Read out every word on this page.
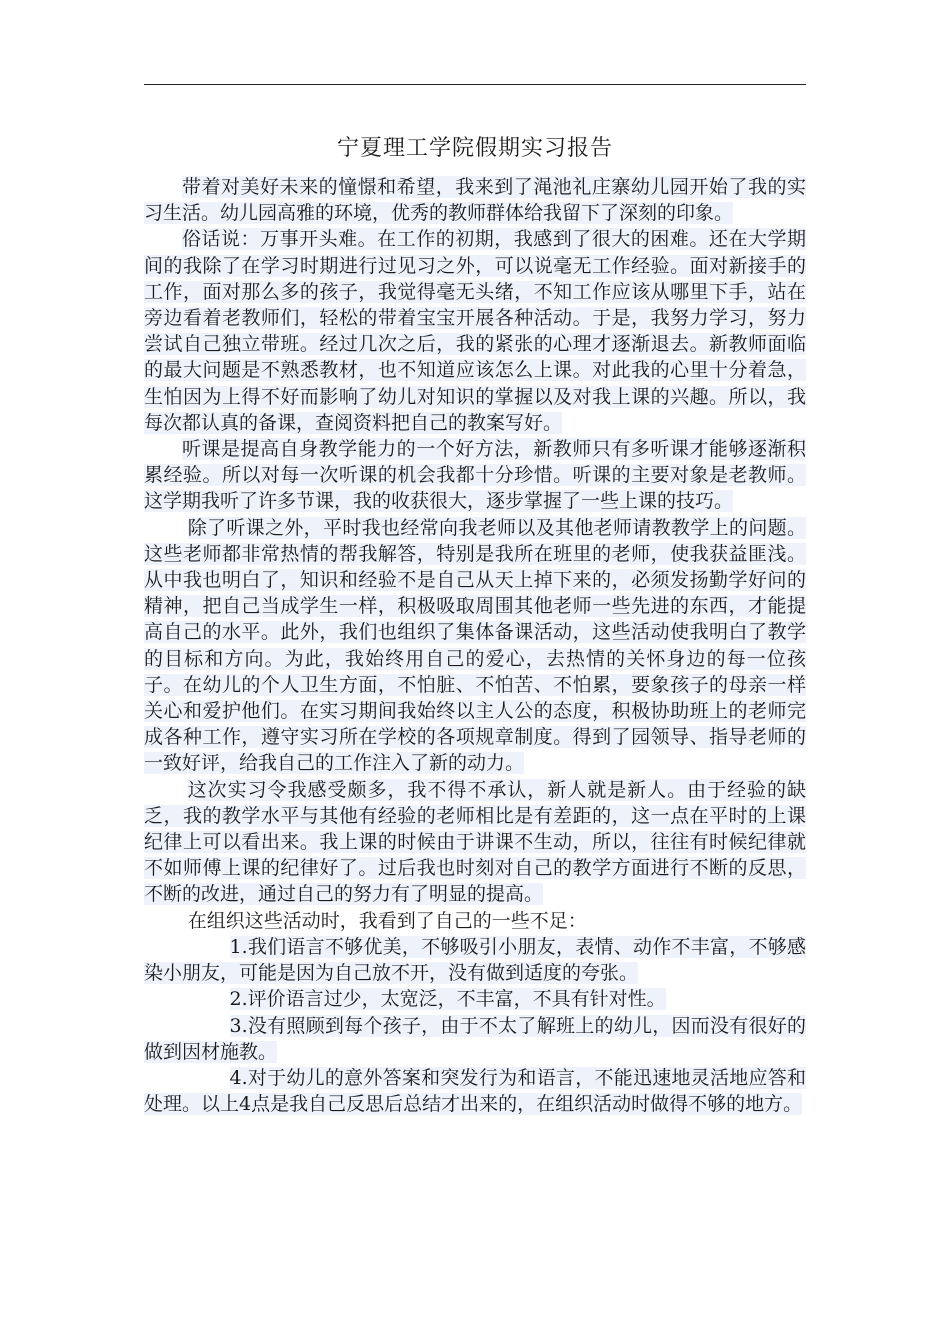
宁夏理工学院假期实习报告

带着对美好未来的憧憬和希望，我来到了渑池礼庄寨幼儿园开始了我的实习生活。幼儿园高雅的环境，优秀的教师群体给我留下了深刻的印象。

俗话说：万事开头难。在工作的初期，我感到了很大的困难。还在大学期间的我除了在学习时期进行过见习之外，可以说毫无工作经验。面对新接手的工作，面对那么多的孩子，我觉得毫无头绪，不知工作应该从哪里下手，站在旁边看着老教师们，轻松的带着宝宝开展各种活动。于是，我努力学习，努力尝试自己独立带班。经过几次之后，我的紧张的心理才逐渐退去。新教师面临的最大问题是不熟悉教材，也不知道应该怎么上课。对此我的心里十分着急，生怕因为上得不好而影响了幼儿对知识的掌握以及对我上课的兴趣。所以，我每次都认真的备课，查阅资料把自己的教案写好。

听课是提高自身教学能力的一个好方法，新教师只有多听课才能够逐渐积累经验。所以对每一次听课的机会我都十分珍惜。听课的主要对象是老教师。这学期我听了许多节课，我的收获很大，逐步掌握了一些上课的技巧。

除了听课之外，平时我也经常向我老师以及其他老师请教教学上的问题。这些老师都非常热情的帮我解答，特别是我所在班里的老师，使我获益匪浅。从中我也明白了，知识和经验不是自己从天上掉下来的，必须发扬勤学好问的精神，把自己当成学生一样，积极吸取周围其他老师一些先进的东西，才能提高自己的水平。此外，我们也组织了集体备课活动，这些活动使我明白了教学的目标和方向。为此，我始终用自己的爱心，去热情的关怀身边的每一位孩子。在幼儿的个人卫生方面，不怕脏、不怕苦、不怕累，要象孩子的母亲一样关心和爱护他们。在实习期间我始终以主人公的态度，积极协助班上的老师完成各种工作，遵守实习所在学校的各项规章制度。得到了园领导、指导老师的一致好评，给我自己的工作注入了新的动力。

这次实习令我感受颇多，我不得不承认，新人就是新人。由于经验的缺乏，我的教学水平与其他有经验的老师相比是有差距的，这一点在平时的上课纪律上可以看出来。我上课的时候由于讲课不生动，所以，往往有时候纪律就不如师傅上课的纪律好了。过后我也时刻对自己的教学方面进行不断的反思，不断的改进，通过自己的努力有了明显的提高。

在组织这些活动时，我看到了自己的一些不足：

1.我们语言不够优美，不够吸引小朋友，表情、动作不丰富，不够感染小朋友，可能是因为自己放不开，没有做到适度的夸张。

2.评价语言过少，太宽泛，不丰富，不具有针对性。

3.没有照顾到每个孩子，由于不太了解班上的幼儿，因而没有很好的做到因材施教。

4.对于幼儿的意外答案和突发行为和语言，不能迅速地灵活地应答和处理。以上4点是我自己反思后总结才出来的，在组织活动时做得不够的地方。
